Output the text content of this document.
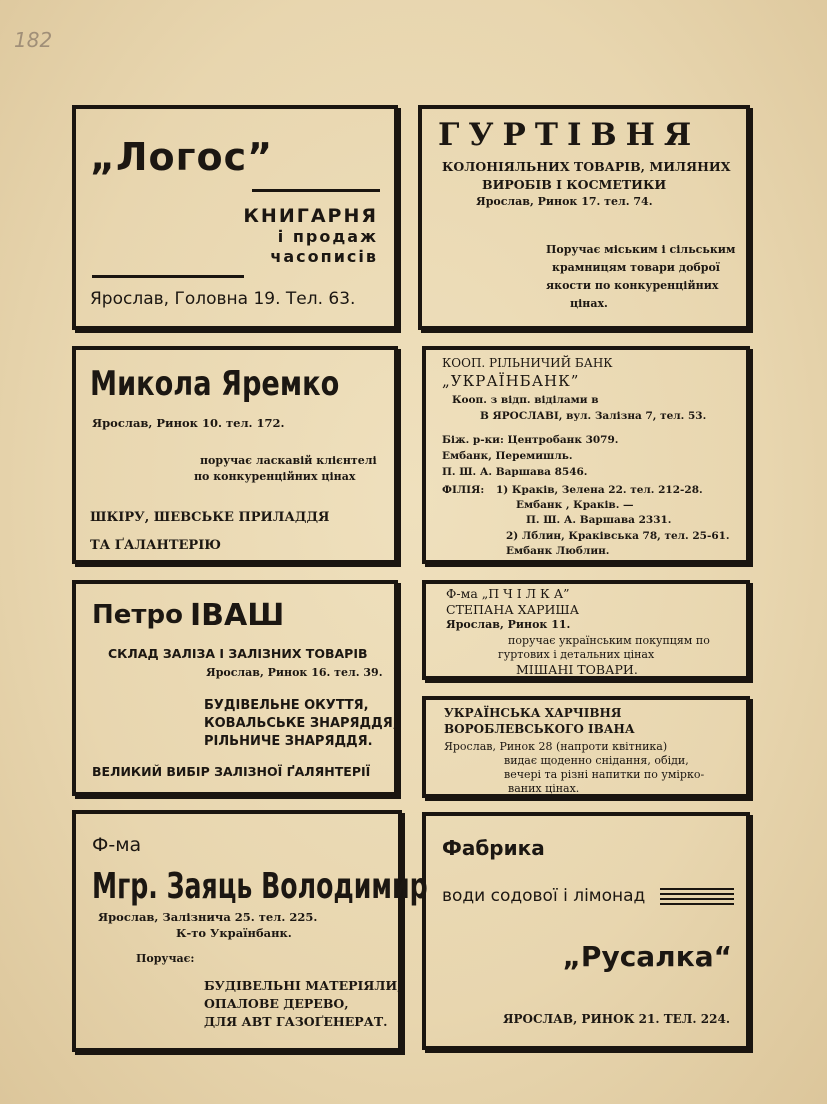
182
„Логос”
КНИГАРНЯ
і продаж
часописів
Ярослав, Головна 19. Тел. 63.
ГУРТІВНЯ
КОЛОНІЯЛЬНИХ ТОВАРІВ, МИЛЯНИХ
ВИРОБІВ І КОСМЕТИКИ
Ярослав, Ринок 17. тел. 74.
Поручає міським і сільським
крамницям товари доброї
якости по конкуренційних
цінах.
Микола Яремко
Ярослав, Ринок 10. тел. 172.
поручає ласкавій клієнтелі
по конкуренційних цінах
ШКІРУ, ШЕВСЬКЕ ПРИЛАДДЯ
ТА ҐАЛАНТЕРІЮ
КООП. РІЛЬНИЧИЙ БАНК
„УКРАЇНБАНК”
Кооп. з відп. віділами в
В ЯРОСЛАВІ, вул. Залізна 7, тел. 53.
Біж. р-ки: Центробанк 3079.
Ембанк, Перемишль.
П. Ш. А. Варшава 8546.
ФІЛІЯ: 1) Краків, Зелена 22. тел. 212-28.
Ембанк , Краків. —
П. Ш. А. Варшава 2331.
2) Лблин, Краківська 78, тел. 25-61.
Ембанк Люблин.
Петро ІВАШ
СКЛАД ЗАЛІЗА І ЗАЛІЗНИХ ТОВАРІВ
Ярослав, Ринок 16. тел. 39.
БУДІВЕЛЬНЕ ОКУТТЯ,
КОВАЛЬСЬКЕ ЗНАРЯДДЯ,
РІЛЬНИЧЕ ЗНАРЯДДЯ.
ВЕЛИКИЙ ВИБІР ЗАЛІЗНОЇ ҐАЛЯНТЕРІЇ
Ф-ма „П Ч І Л К А”
СТЕПАНА ХАРИША
Ярослав, Ринок 11.
поручає українським покупцям по
гуртових і детальних цінах
МІШАНІ ТОВАРИ.
УКРАЇНСЬКА ХАРЧІВНЯ
ВОРОБЛЕВСЬКОГО ІВАНА
Ярослав, Ринок 28 (напроти квітника)
видає щоденно снідання, обіди,
вечері та різні напитки по уміркo-
ваних цінах.
Ф-ма
Мгр. Заяць Володимир
Ярослав, Залізнича 25. тел. 225.
К-то Українбанк.
Поручає:
БУДІВЕЛЬНІ МАТЕРІЯЛИ,
ОПАЛОВЕ ДЕРЕВО,
ДЛЯ АВТ ГАЗОҐЕНЕРАТ.
Фабрика
води содової і лімонад
„Русалка“
ЯРОСЛАВ, РИНОК 21. ТЕЛ. 224.
